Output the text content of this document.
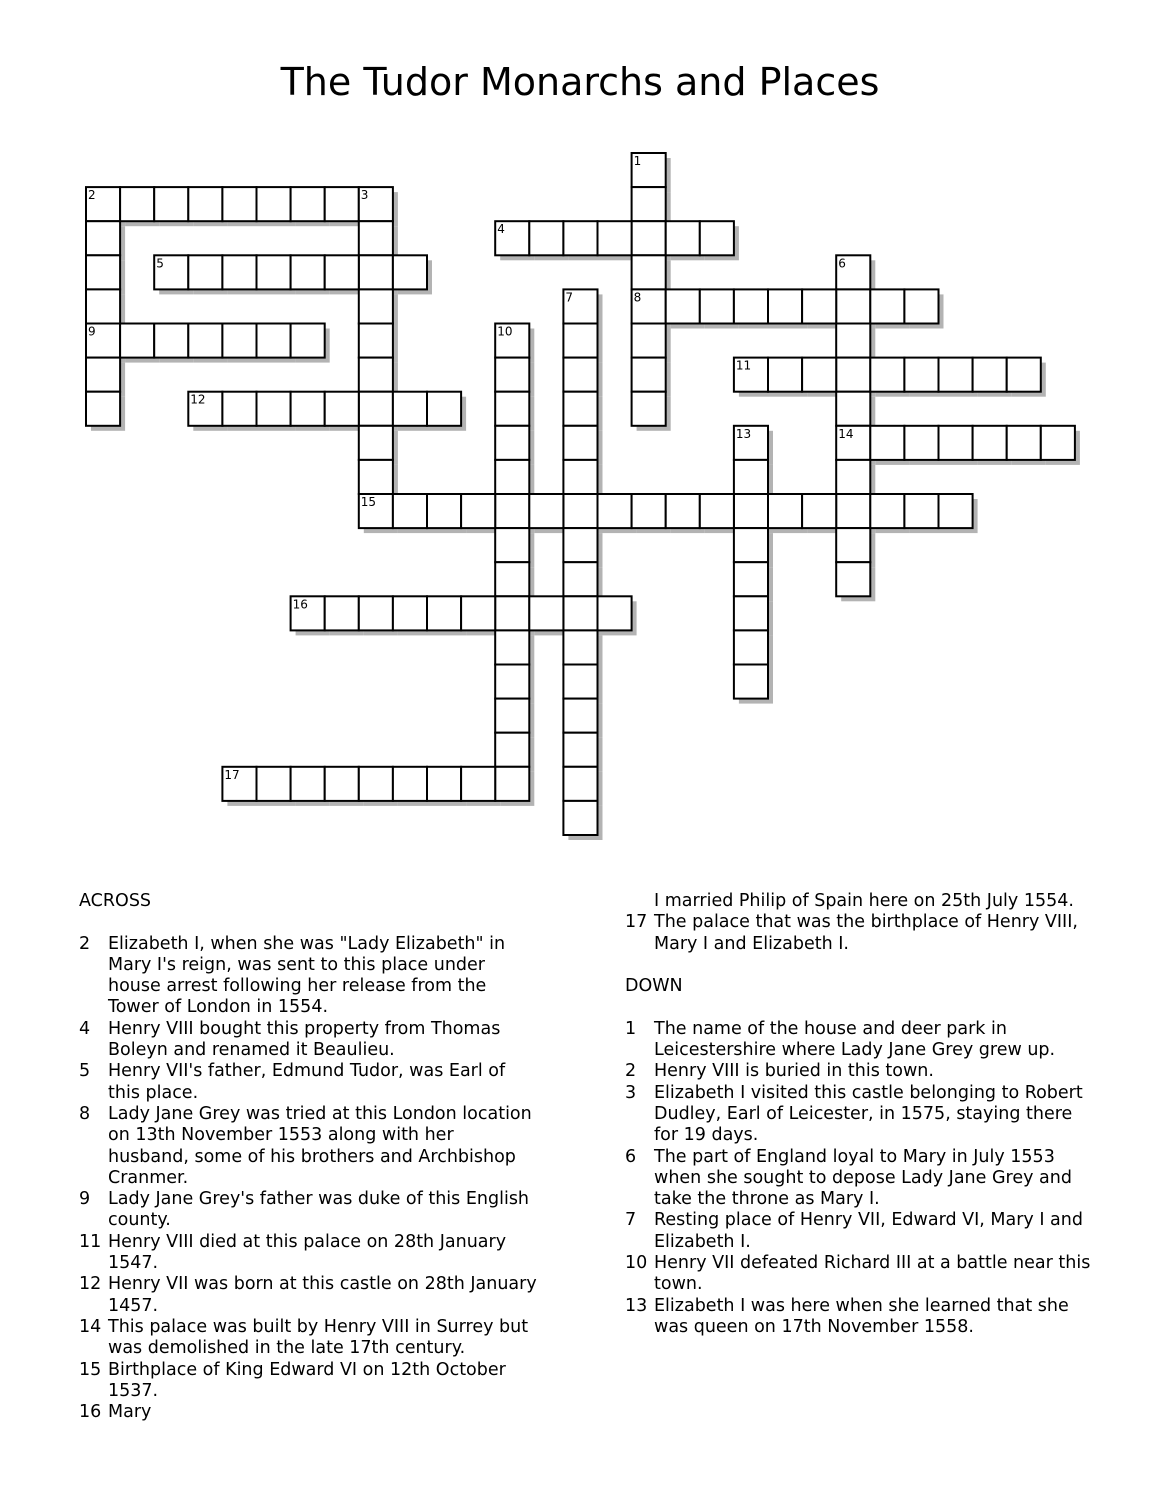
The Tudor Monarchs and Places
1
8
2	3
9
15
4
5	6
14
7
10
11
12
13
16
17
ACROSS
2 Elizabeth I, when she was "Lady Elizabeth" in Mary I's reign, was sent to this place under house arrest following her release from the Tower of London in 1554.
4 Henry VIII bought this property from Thomas Boleyn and renamed it Beaulieu.
5 Henry VII's father, Edmund Tudor, was Earl of this place.
8 Lady Jane Grey was tried at this London location on 13th November 1553 along with her husband, some of his brothers and Archbishop Cranmer.
9 Lady Jane Grey's father was duke of this English county.
11 Henry VIII died at this palace on 28th January 1547.
12 Henry VII was born at this castle on 28th January 1457.
14 This palace was built by Henry VIII in Surrey but was demolished in the late 17th century.
15 Birthplace of King Edward VI on 12th October 1537.
16 Mary
I married Philip of Spain here on 25th July 1554.
17 The palace that was the birthplace of Henry VIII, Mary I and Elizabeth I.
DOWN
1 The name of the house and deer park in Leicestershire where Lady Jane Grey grew up.
2 Henry VIII is buried in this town.
3 Elizabeth I visited this castle belonging to Robert Dudley, Earl of Leicester, in 1575, staying there for 19 days.
6 The part of England loyal to Mary in July 1553 when she sought to depose Lady Jane Grey and take the throne as Mary I.
7 Resting place of Henry VII, Edward VI, Mary I and Elizabeth I.
10 Henry VII defeated Richard III at a battle near this town.
13 Elizabeth I was here when she learned that she was queen on 17th November 1558.
